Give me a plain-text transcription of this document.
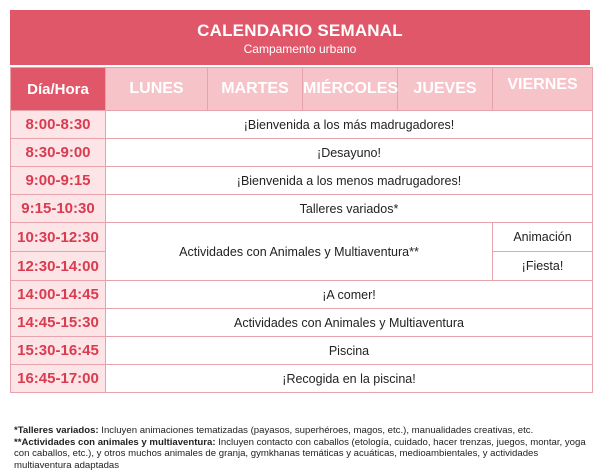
CALENDARIO SEMANAL
Campamento urbano
Día/Hora	LUNES	MARTES	MIÉRCOLES	JUEVES	VIERNES
8:00-8:30	¡Bienvenida a los más madrugadores!				
8:30-9:00	¡Desayuno!				
9:00-9:15	¡Bienvenida a los menos madrugadores!				
9:15-10:30	Talleres variados*				
10:30-12:30	Actividades con Animales y Multiaventura**				Animación
12:30-14:00					¡Fiesta!
14:00-14:45	¡A comer!				
14:45-15:30	Actividades con Animales y Multiaventura				
15:30-16:45	Piscina				
16:45-17:00	¡Recogida en la piscina!				
*Talleres variados: Incluyen animaciones tematizadas (payasos, superhéroes, magos, etc.), manualidades creativas, etc.
**Actividades con animales y multiaventura: Incluyen contacto con caballos (etología, cuidado, hacer trenzas, juegos, montar, yoga con caballos, etc.), y otros muchos animales de granja, gymkhanas temáticas y acuáticas, medioambientales, y actividades multiaventura adaptadas
